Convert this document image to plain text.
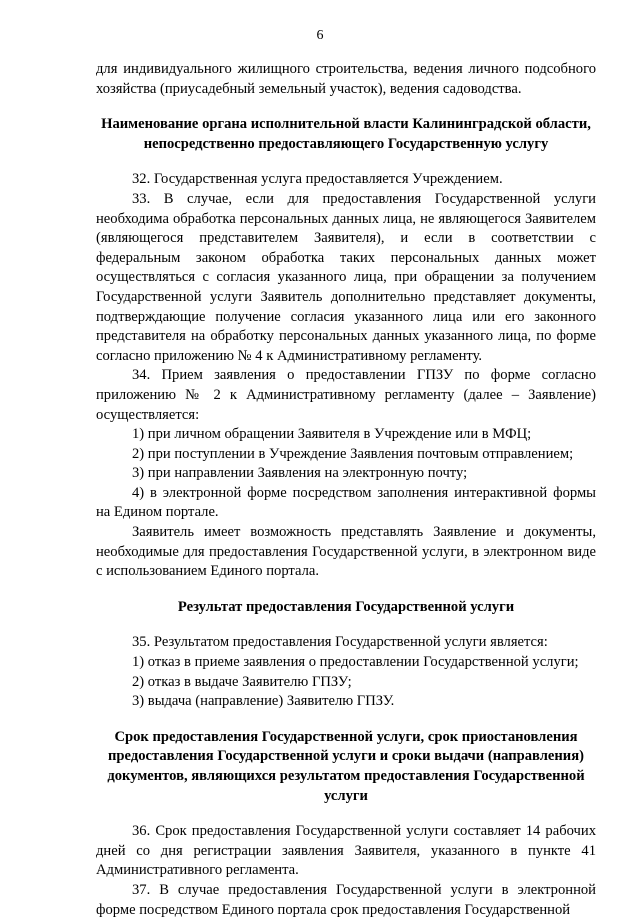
6

для индивидуального жилищного строительства, ведения личного подсобного хозяйства (приусадебный земельный участок), ведения садоводства.

Наименование органа исполнительной власти Калининградской области, непосредственно предоставляющего Государственную услугу

32. Государственная услуга предоставляется Учреждением.

33. В случае, если для предоставления Государственной услуги необходима обработка персональных данных лица, не являющегося Заявителем (являющегося представителем Заявителя), и если в соответствии с федеральным законом обработка таких персональных данных может осуществляться с согласия указанного лица, при обращении за получением Государственной услуги Заявитель дополнительно представляет документы, подтверждающие получение согласия указанного лица или его законного представителя на обработку персональных данных указанного лица, по форме согласно приложению № 4 к Административному регламенту.

34. Прием заявления о предоставлении ГПЗУ по форме согласно приложению № 2 к Административному регламенту (далее – Заявление) осуществляется:

1) при личном обращении Заявителя в Учреждение или в МФЦ;

2) при поступлении в Учреждение Заявления почтовым отправлением;

3) при направлении Заявления на электронную почту;

4) в электронной форме посредством заполнения интерактивной формы на Едином портале.

Заявитель имеет возможность представлять Заявление и документы, необходимые для предоставления Государственной услуги, в электронном виде с использованием Единого портала.

Результат предоставления Государственной услуги

35. Результатом предоставления Государственной услуги является:

1) отказ в приеме заявления о предоставлении Государственной услуги;

2) отказ в выдаче Заявителю ГПЗУ;

3) выдача (направление) Заявителю ГПЗУ.

Срок предоставления Государственной услуги, срок приостановления предоставления Государственной услуги и сроки выдачи (направления) документов, являющихся результатом предоставления Государственной услуги

36. Срок предоставления Государственной услуги составляет 14 рабочих дней со дня регистрации заявления Заявителя, указанного в пункте 41 Административного регламента.

37. В случае предоставления Государственной услуги в электронной форме посредством Единого портала срок предоставления Государственной
